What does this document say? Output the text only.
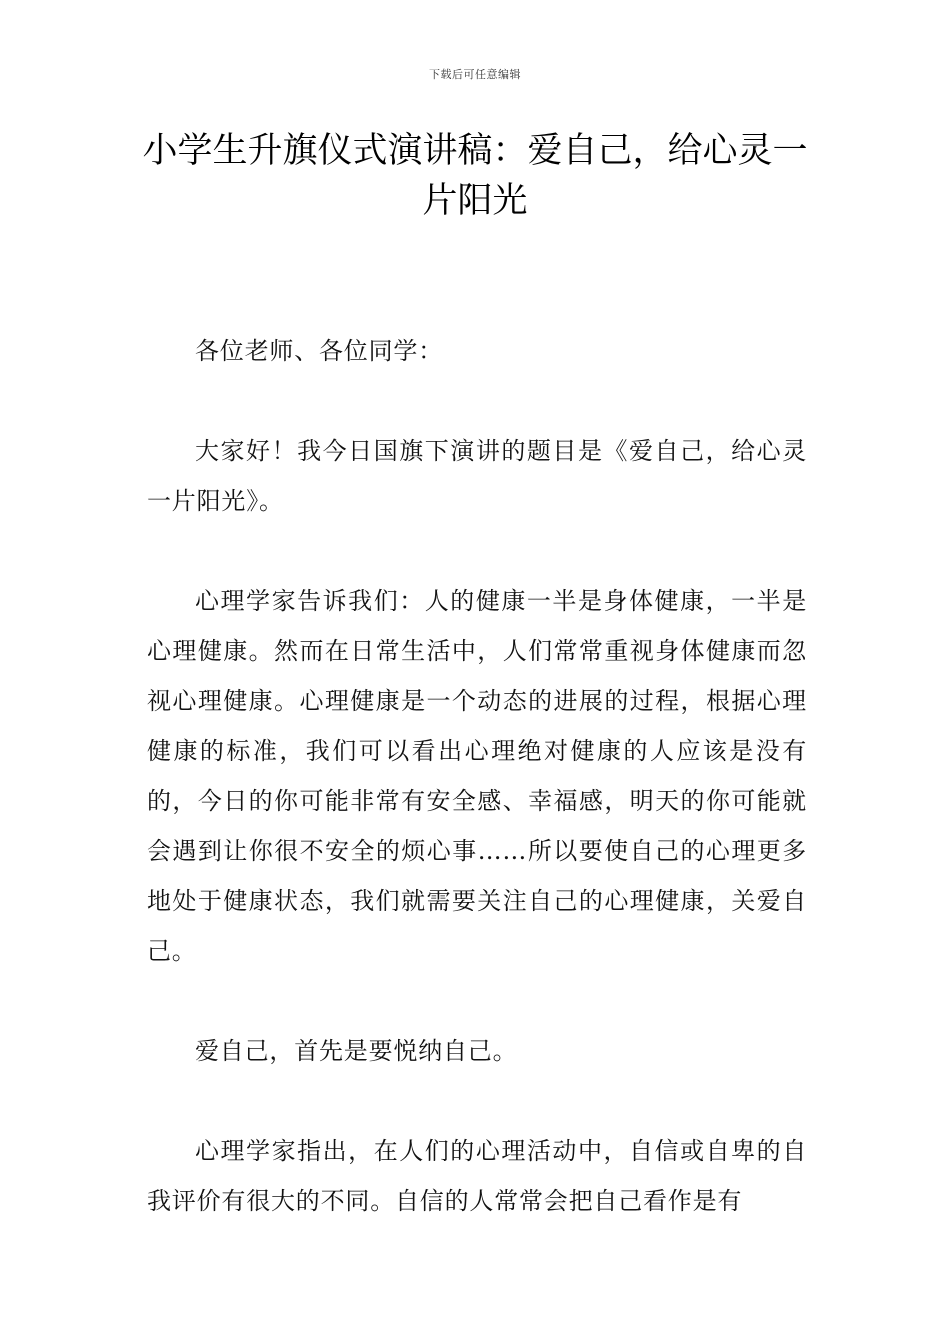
下载后可任意编辑
小学生升旗仪式演讲稿：爱自己，给心灵一片阳光

各位老师、各位同学：

大家好！我今日国旗下演讲的题目是《爱自己，给心灵一片阳光》。

心理学家告诉我们：人的健康一半是身体健康，一半是心理健康。然而在日常生活中，人们常常重视身体健康而忽视心理健康。心理健康是一个动态的进展的过程，根据心理健康的标准，我们可以看出心理绝对健康的人应该是没有的，今日的你可能非常有安全感、幸福感，明天的你可能就会遇到让你很不安全的烦心事……所以要使自己的心理更多地处于健康状态，我们就需要关注自己的心理健康，关爱自己。

爱自己，首先是要悦纳自己。

心理学家指出，在人们的心理活动中，自信或自卑的自我评价有很大的不同。自信的人常常会把自己看作是有
